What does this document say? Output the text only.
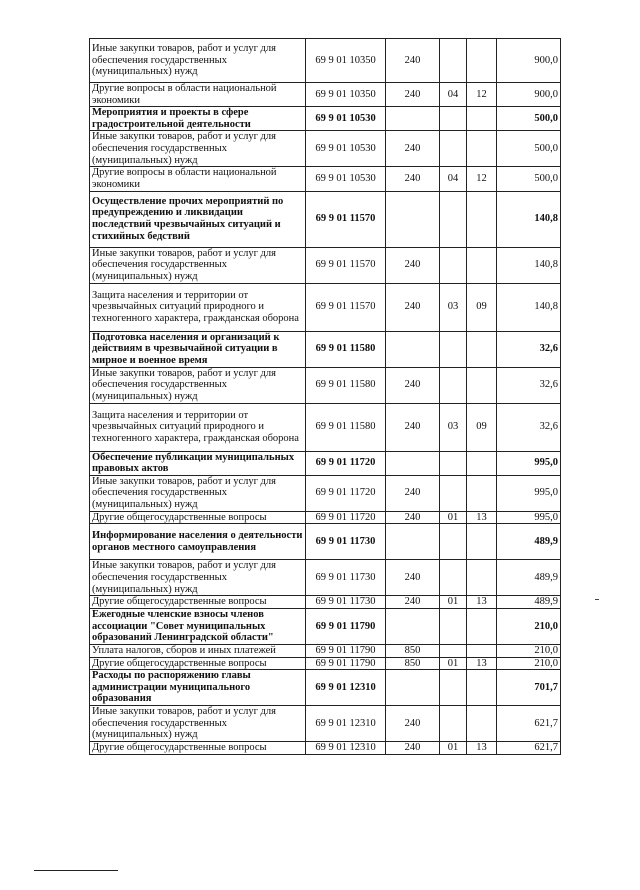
Иные закупки товаров, работ и услуг для обеспечения государственных (муниципальных) нужд	69 9 01 10350	240			900,0
Другие вопросы в области национальной экономики	69 9 01 10350	240	04	12	900,0
Мероприятия и проекты в сфере градостроительной деятельности	69 9 01 10530				500,0
Иные закупки товаров, работ и услуг для обеспечения государственных (муниципальных) нужд	69 9 01 10530	240			500,0
Другие вопросы в области национальной экономики	69 9 01 10530	240	04	12	500,0
Осуществление прочих мероприятий по предупреждению и ликвидации последствий чрезвычайных ситуаций и стихийных бедствий	69 9 01 11570				140,8
Иные закупки товаров, работ и услуг для обеспечения государственных (муниципальных) нужд	69 9 01 11570	240			140,8
Защита населения и территории от чрезвычайных ситуаций природного и техногенного характера, гражданская оборона	69 9 01 11570	240	03	09	140,8
Подготовка населения и организаций к действиям в чрезвычайной ситуации в мирное и военное время	69 9 01 11580				32,6
Иные закупки товаров, работ и услуг для обеспечения государственных (муниципальных) нужд	69 9 01 11580	240			32,6
Защита населения и территории от чрезвычайных ситуаций природного и техногенного характера, гражданская оборона	69 9 01 11580	240	03	09	32,6
Обеспечение публикации муниципальных правовых актов	69 9 01 11720				995,0
Иные закупки товаров, работ и услуг для обеспечения государственных (муниципальных) нужд	69 9 01 11720	240			995,0
Другие общегосударственные вопросы	69 9 01 11720	240	01	13	995,0
Информирование населения о деятельности органов местного самоуправления	69 9 01 11730				489,9
Иные закупки товаров, работ и услуг для обеспечения государственных (муниципальных) нужд	69 9 01 11730	240			489,9
Другие общегосударственные вопросы	69 9 01 11730	240	01	13	489,9
Ежегодные членские взносы членов ассоциации "Совет муниципальных образований Ленинградской области"	69 9 01 11790				210,0
Уплата налогов, сборов и иных платежей	69 9 01 11790	850			210,0
Другие общегосударственные вопросы	69 9 01 11790	850	01	13	210,0
Расходы по распоряжению главы администрации муниципального образования	69 9 01 12310				701,7
Иные закупки товаров, работ и услуг для обеспечения государственных (муниципальных) нужд	69 9 01 12310	240			621,7
Другие общегосударственные вопросы	69 9 01 12310	240	01	13	621,7
